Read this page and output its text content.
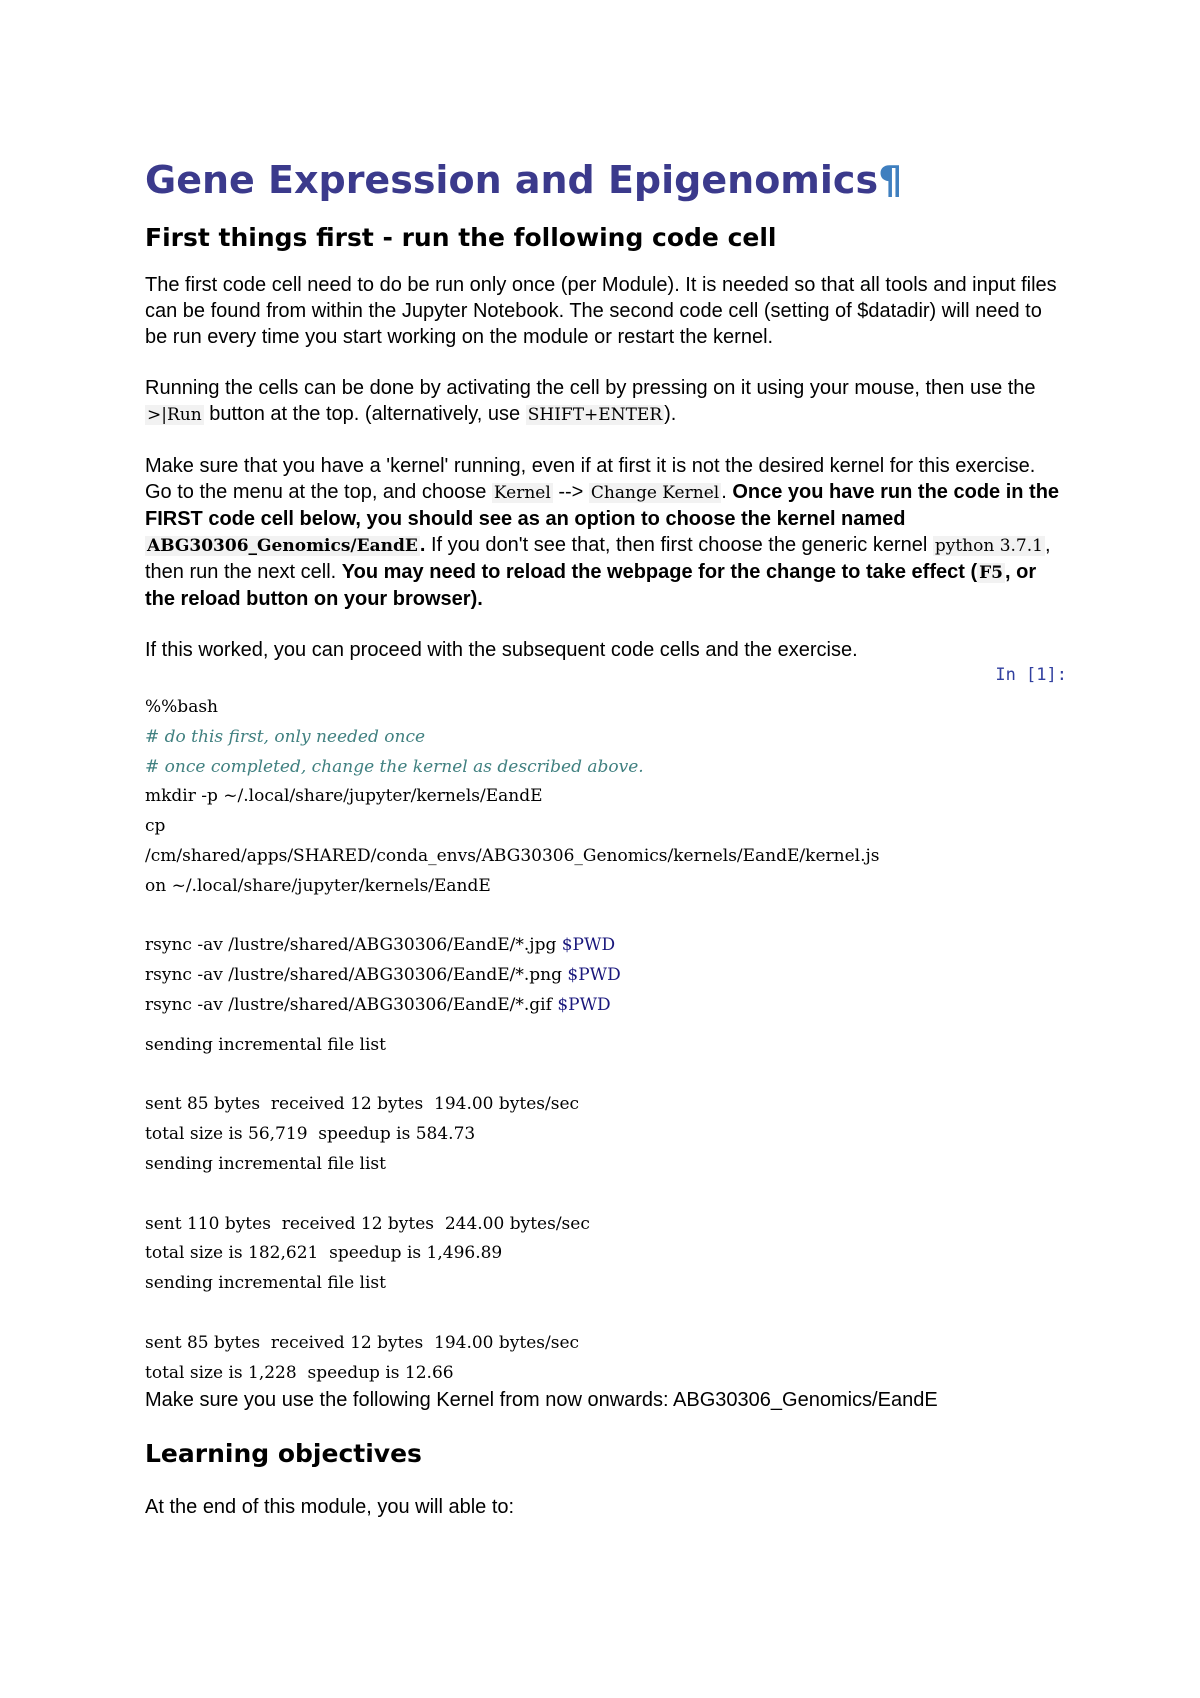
Gene Expression and Epigenomics¶
First things first - run the following code cell

The first code cell need to do be run only once (per Module). It is needed so that all tools and input files can be found from within the Jupyter Notebook. The second code cell (setting of $datadir) will need to be run every time you start working on the module or restart the kernel.

Running the cells can be done by activating the cell by pressing on it using your mouse, then use the >|Run button at the top. (alternatively, use SHIFT+ENTER ).

Make sure that you have a 'kernel' running, even if at first it is not the desired kernel for this exercise. Go to the menu at the top, and choose Kernel --> Change Kernel . Once you have run the code in the FIRST code cell below, you should see as an option to choose the kernel named ABG30306_Genomics/EandE . If you don't see that, then first choose the generic kernel python 3.7.1 , then run the next cell. You may need to reload the webpage for the change to take effect ( F5 , or the reload button on your browser).

If this worked, you can proceed with the subsequent code cells and the exercise.

In [1]:
%%bash
# do this first, only needed once
# once completed, change the kernel as described above.
mkdir -p ~/.local/share/jupyter/kernels/EandE
cp
/cm/shared/apps/SHARED/conda_envs/ABG30306_Genomics/kernels/EandE/kernel.js
on ~/.local/share/jupyter/kernels/EandE

rsync -av /lustre/shared/ABG30306/EandE/*.jpg $PWD
rsync -av /lustre/shared/ABG30306/EandE/*.png $PWD
rsync -av /lustre/shared/ABG30306/EandE/*.gif $PWD
sending incremental file list

sent 85 bytes  received 12 bytes  194.00 bytes/sec
total size is 56,719  speedup is 584.73
sending incremental file list

sent 110 bytes  received 12 bytes  244.00 bytes/sec
total size is 182,621  speedup is 1,496.89
sending incremental file list

sent 85 bytes  received 12 bytes  194.00 bytes/sec
total size is 1,228  speedup is 12.66

Make sure you use the following Kernel from now onwards: ABG30306_Genomics/EandE

Learning objectives

At the end of this module, you will able to:
